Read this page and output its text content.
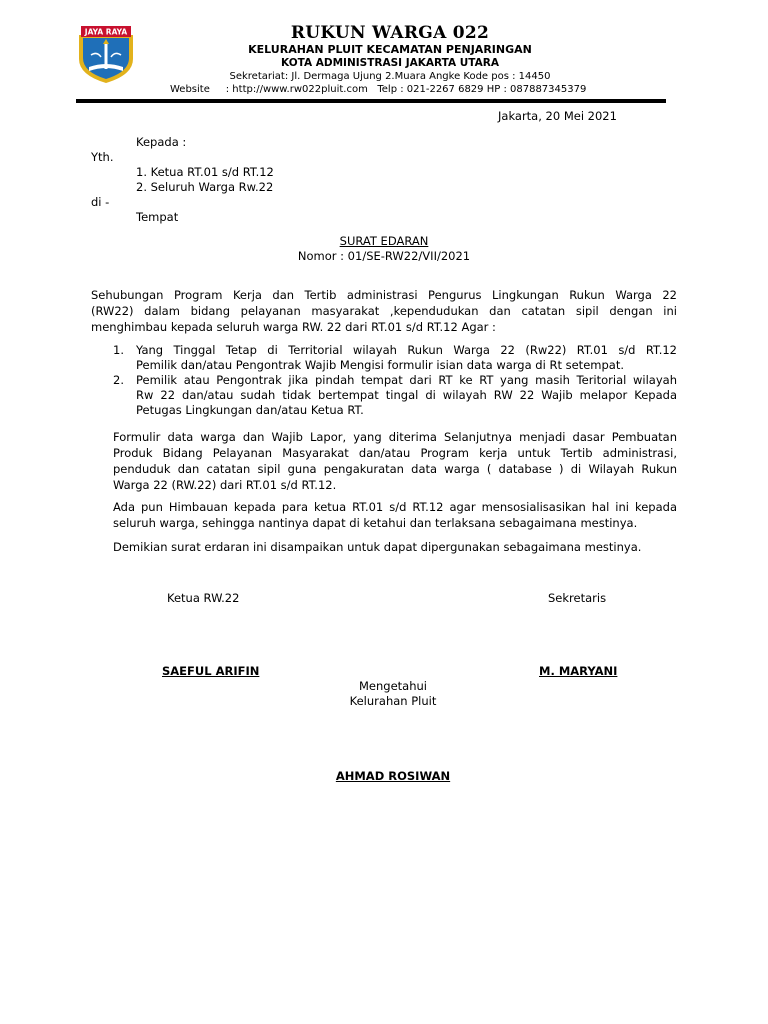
JAYA RAYA	RUKUN WARGA 022
KELURAHAN PLUIT KECAMATAN PENJARINGAN
KOTA ADMINISTRASI JAKARTA UTARA
Sekretariat: Jl. Dermaga Ujung 2.Muara Angke Kode pos : 14450
Website     : http://www.rw022pluit.com   Telp : 021-2267 6829 HP : 087887345379
Jakarta, 20 Mei 2021
Kepada :
Yth.
1. Ketua RT.01 s/d RT.12
2. Seluruh Warga Rw.22
di -
Tempat
SURAT EDARAN
Nomor : 01/SE-RW22/VII/2021
Sehubungan Program Kerja dan Tertib administrasi Pengurus Lingkungan Rukun Warga 22
(RW22) dalam bidang pelayanan masyarakat ,kependudukan dan catatan sipil dengan ini
menghimbau kepada seluruh warga RW. 22 dari RT.01 s/d RT.12 Agar :
1. Yang Tinggal Tetap di Territorial wilayah Rukun Warga 22 (Rw22) RT.01 s/d RT.12
Pemilik dan/atau Pengontrak Wajib Mengisi formulir isian data warga di Rt setempat.
2. Pemilik atau Pengontrak jika pindah tempat dari RT ke RT yang masih Teritorial wilayah
Rw 22 dan/atau sudah tidak bertempat tingal di wilayah RW 22 Wajib melapor Kepada
Petugas Lingkungan dan/atau Ketua RT.
Formulir data warga dan Wajib Lapor, yang diterima Selanjutnya menjadi dasar Pembuatan
Produk Bidang Pelayanan Masyarakat dan/atau Program kerja untuk Tertib administrasi,
penduduk dan catatan sipil guna pengakuratan data warga ( database ) di Wilayah Rukun
Warga 22 (RW.22) dari RT.01 s/d RT.12.
Ada pun Himbauan kepada para ketua RT.01 s/d RT.12 agar mensosialisasikan hal ini kepada
seluruh warga, sehingga nantinya dapat di ketahui dan terlaksana sebagaimana mestinya.
Demikian surat erdaran ini disampaikan untuk dapat dipergunakan sebagaimana mestinya.
Ketua RW.22	Sekretaris
SAEFUL ARIFIN	M. MARYANI
Mengetahui
Kelurahan Pluit
AHMAD ROSIWAN
